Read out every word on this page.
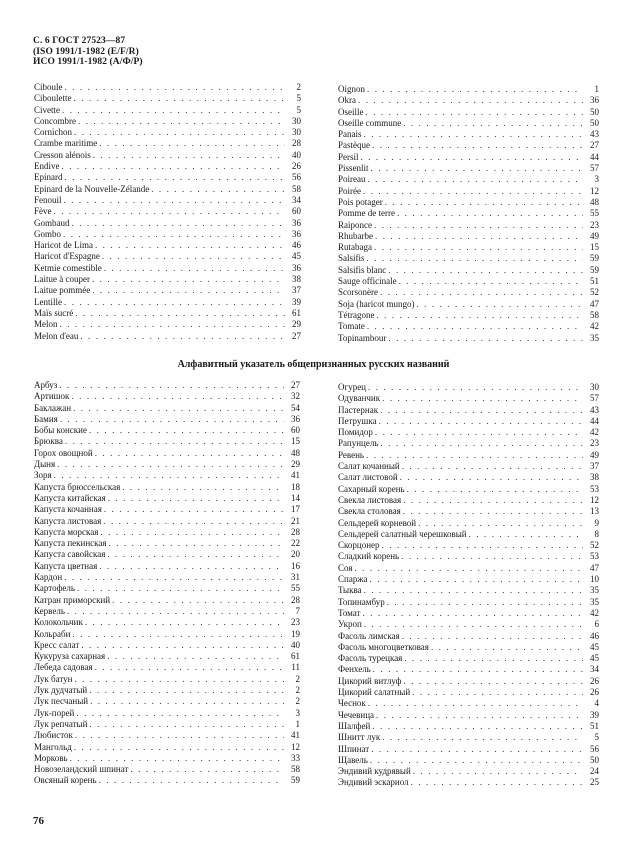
С. 6 ГОСТ 27523—87
(ISO 1991/1-1982 (E/F/R)
ИСО 1991/1-1982 (А/Ф/Р)
Ciboule . . .	2
Ciboulette . . .	5
Civette . . .	5
Concombre . . .	30
Cornichon . . .	30
Crambe maritime . . .	28
Cresson alénois . . .	40
Endive . . .	26
Epinard . . .	56
Epinard de la Nouvelle-Zélande . . .	58
Fenouil . . .	34
Fève . . .	60
Gombaud . . .	36
Gombo . . .	36
Haricot de Lima . . .	46
Haricot d'Espagne . . .	45
Ketmie comestible . . .	36
Laitue à couper . . .	38
Laitue pommée . . .	37
Lentille . . .	39
Maïs sucré . . .	61
Melon . . .	29
Melon d'eau . . .	27
Oignon . . .	1
Okra . . .	36
Oseille . . .	50
Oseille commune . . .	50
Panais . . .	43
Pastèque . . .	27
Persil . . .	44
Pissenlit . . .	57
Poireau . . .	3
Poirée . . .	12
Pois potager . . .	48
Pomme de terre . . .	55
Raiponce . . .	23
Rhubarbe . . .	49
Rutabaga . . .	15
Salsifis . . .	59
Salsifis blanc . . .	59
Sauge officinale . . .	51
Scorsonère . . .	52
Soja (haricot mungo) . . .	47
Tétragone . . .	58
Tomate . . .	42
Topinambour . . .	35
Алфавитный указатель общепризнанных русских названий
Арбуз . . .	27
Артишок . . .	32
Баклажан . . .	54
Бамия . . .	36
Бобы конские . . .	60
Брюква . . .	15
Горох овощной . . .	48
Дыня . . .	29
Зоря . . .	41
Капуста брюссельская . . .	18
Капуста китайская . . .	14
Капуста кочанная . . .	17
Капуста листовая . . .	21
Капуста морская . . .	28
Капуста пекинская . . .	22
Капуста савойская . . .	20
Капуста цветная . . .	16
Кардон . . .	31
Картофель . . .	55
Катран приморский . . .	28
Кервель . . .	7
Колокольчик . . .	23
Кольраби . . .	19
Кресс салат . . .	40
Кукуруза сахарная . . .	61
Лебеда садовая . . .	11
Лук батун . . .	2
Лук дудчатый . . .	2
Лук песчаный . . .	2
Лук-порей . . .	3
Лук репчатый . . .	1
Любисток . . .	41
Мангольд . . .	12
Морковь . . .	33
Новозеландский шпинат . . .	58
Овсяный корень . . .	59
Огурец . . .	30
Одуванчик . . .	57
Пастернак . . .	43
Петрушка . . .	44
Помидор . . .	42
Рапунцель . . .	23
Ревень . . .	49
Салат кочанный . . .	37
Салат листовой . . .	38
Сахарный корень . . .	53
Свекла листовая . . .	12
Свекла столовая . . .	13
Сельдерей корневой . . .	9
Сельдерей салатный черешковый . . .	8
Скорцонер . . .	52
Сладкий корень . . .	53
Соя . . .	47
Спаржа . . .	10
Тыква . . .	35
Топинамбур . . .	35
Томат . . .	42
Укроп . . .	6
Фасоль лимская . . .	46
Фасоль многоцветковая . . .	45
Фасоль турецкая . . .	45
Фенхель . . .	34
Цикорий витлуф . . .	26
Цикорий салатный . . .	26
Чеснок . . .	4
Чечевица . . .	39
Шалфей . . .	51
Шнитт лук . . .	5
Шпинат . . .	56
Щавель . . .	50
Эндивий кудрявый . . .	24
Эндивий эскариол . . .	25
76
